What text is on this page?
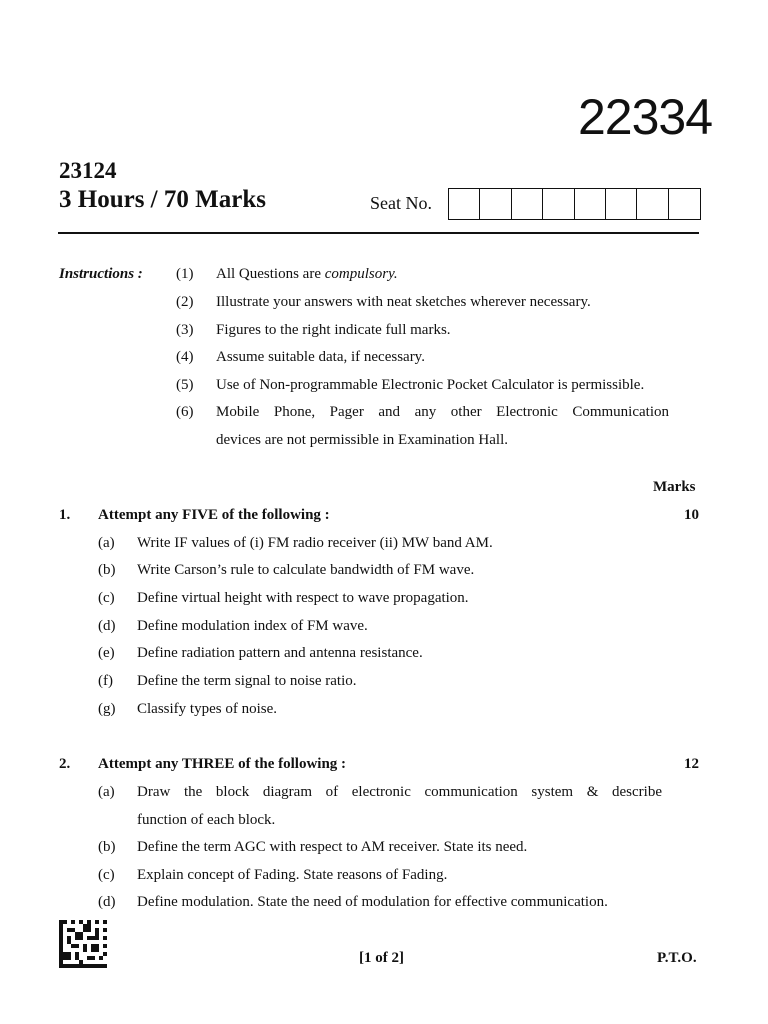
22334
23124
3 Hours / 70 Marks	Seat No.
Instructions : (1)	All Questions are compulsory.
(2)	Illustrate your answers with neat sketches wherever necessary.
(3)	Figures to the right indicate full marks.
(4)	Assume suitable data, if necessary.
(5)	Use of Non-programmable Electronic Pocket Calculator is permissible.
(6)	Mobile Phone, Pager and any other Electronic Communication
devices are not permissible in Examination Hall.
Marks
1. Attempt any FIVE of the following :	10
(a)	Write IF values of (i) FM radio receiver (ii) MW band AM.
(b)	Write Carson’s rule to calculate bandwidth of FM wave.
(c)	Define virtual height with respect to wave propagation.
(d)	Define modulation index of FM wave.
(e)	Define radiation pattern and antenna resistance.
(f)	Define the term signal to noise ratio.
(g)	Classify types of noise.
2. Attempt any THREE of the following :	12
(a)	Draw the block diagram of electronic communication system & describe
function of each block.
(b)	Define the term AGC with respect to AM receiver. State its need.
(c)	Explain concept of Fading. State reasons of Fading.
(d)	Define modulation. State the need of modulation for effective communication.
[1 of 2]	P.T.O.
